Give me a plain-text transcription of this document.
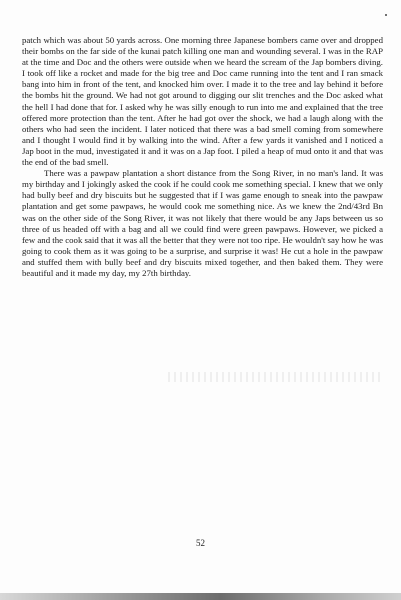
patch which was about 50 yards across. One morning three Japanese bombers came over and dropped their bombs on the far side of the kunai patch killing one man and wounding several. I was in the RAP at the time and Doc and the others were outside when we heard the scream of the Jap bombers diving. I took off like a rocket and made for the big tree and Doc came running into the tent and I ran smack bang into him in front of the tent, and knocked him over. I made it to the tree and lay behind it before the bombs hit the ground. We had not got around to digging our slit trenches and the Doc asked what the hell I had done that for. I asked why he was silly enough to run into me and explained that the tree offered more protection than the tent. After he had got over the shock, we had a laugh along with the others who had seen the incident. I later noticed that there was a bad smell coming from somewhere and I thought I would find it by walking into the wind. After a few yards it vanished and I noticed a Jap boot in the mud, investigated it and it was on a Jap foot. I piled a heap of mud onto it and that was the end of the bad smell.

There was a pawpaw plantation a short distance from the Song River, in no man's land. It was my birthday and I jokingly asked the cook if he could cook me something special. I knew that we only had bully beef and dry biscuits but he suggested that if I was game enough to sneak into the pawpaw plantation and get some pawpaws, he would cook me something nice. As we knew the 2nd/43rd Bn was on the other side of the Song River, it was not likely that there would be any Japs between us so three of us headed off with a bag and all we could find were green pawpaws. However, we picked a few and the cook said that it was all the better that they were not too ripe. He wouldn't say how he was going to cook them as it was going to be a surprise, and surprise it was! He cut a hole in the pawpaw and stuffed them with bully beef and dry biscuits mixed together, and then baked them. They were beautiful and it made my day, my 27th birthday.

52
